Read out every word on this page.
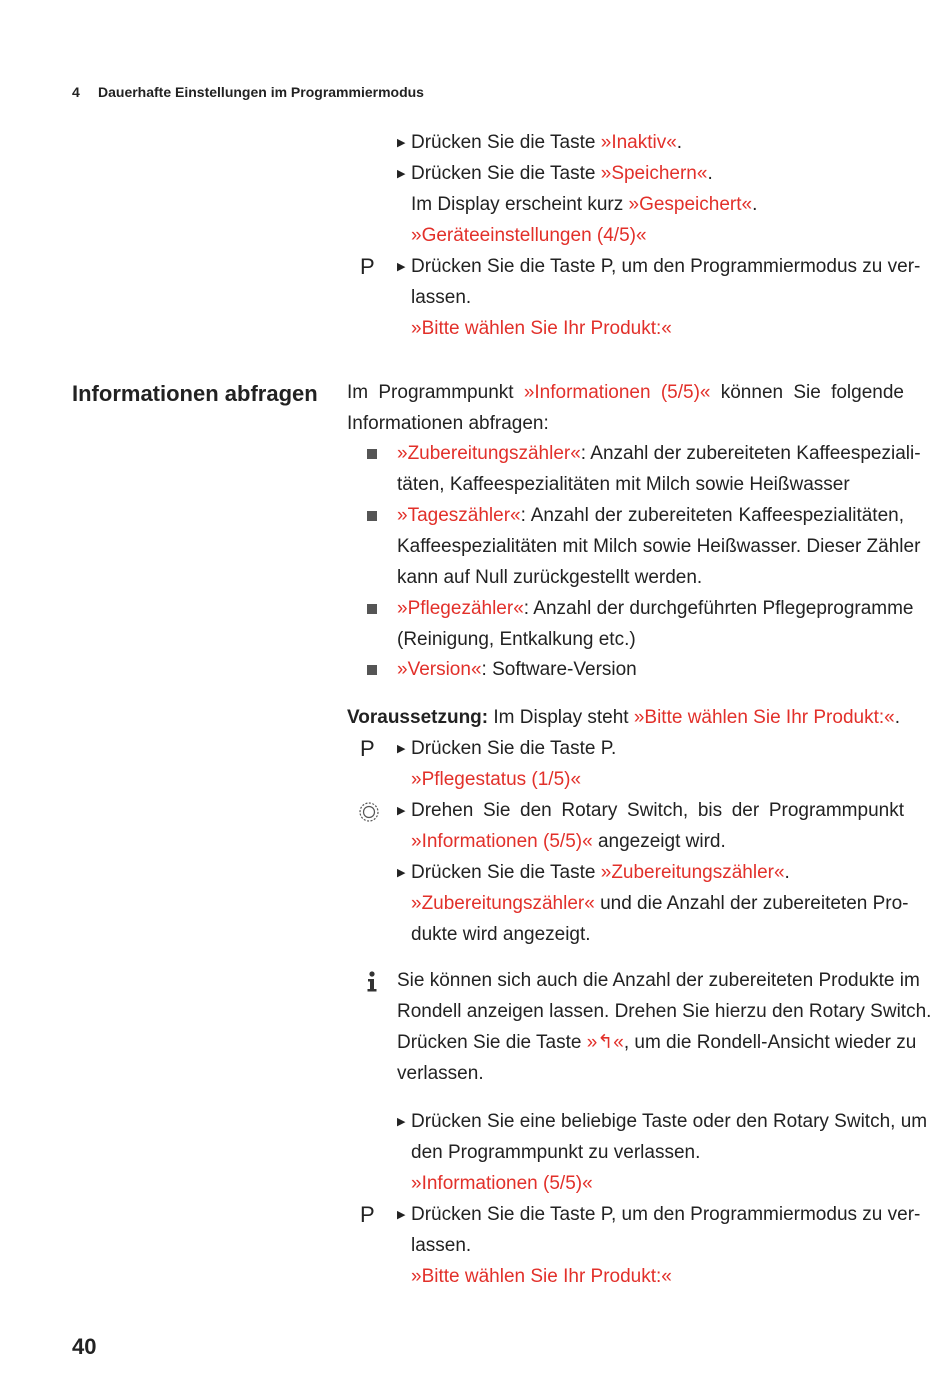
4 Dauerhafte Einstellungen im Programmiermodus
▶ Drücken Sie die Taste »Inaktiv«.
▶ Drücken Sie die Taste »Speichern«.
Im Display erscheint kurz »Gespeichert«.
»Geräteeinstellungen (4/5)«
P ▶ Drücken Sie die Taste P, um den Programmiermodus zu ver-
lassen.
»Bitte wählen Sie Ihr Produkt:«
Informationen abfragen Im Programmpunkt »Informationen (5/5)« können Sie folgende
Informationen abfragen:
»Zubereitungszähler«: Anzahl der zubereiteten Kaffeespeziali-
täten, Kaffeespezialitäten mit Milch sowie Heißwasser
»Tageszähler«: Anzahl der zubereiteten Kaffeespezialitäten,
Kaffeespezialitäten mit Milch sowie Heißwasser. Dieser Zähler
kann auf Null zurückgestellt werden.
»Pflegezähler«: Anzahl der durchgeführten Pflegeprogramme
(Reinigung, Entkalkung etc.)
»Version«: Software-Version
Voraussetzung: Im Display steht »Bitte wählen Sie Ihr Produkt:«.
P ▶ Drücken Sie die Taste P.
»Pflegestatus (1/5)«
▶ Drehen Sie den Rotary Switch, bis der Programmpunkt
»Informationen (5/5)« angezeigt wird.
▶ Drücken Sie die Taste »Zubereitungszähler«.
»Zubereitungszähler« und die Anzahl der zubereiteten Pro-
dukte wird angezeigt.
Sie können sich auch die Anzahl der zubereiteten Produkte im
Rondell anzeigen lassen. Drehen Sie hierzu den Rotary Switch.
Drücken Sie die Taste »↰«, um die Rondell-Ansicht wieder zu
verlassen.
▶ Drücken Sie eine beliebige Taste oder den Rotary Switch, um
den Programmpunkt zu verlassen.
»Informationen (5/5)«
P ▶ Drücken Sie die Taste P, um den Programmiermodus zu ver-
lassen.
»Bitte wählen Sie Ihr Produkt:«
40
